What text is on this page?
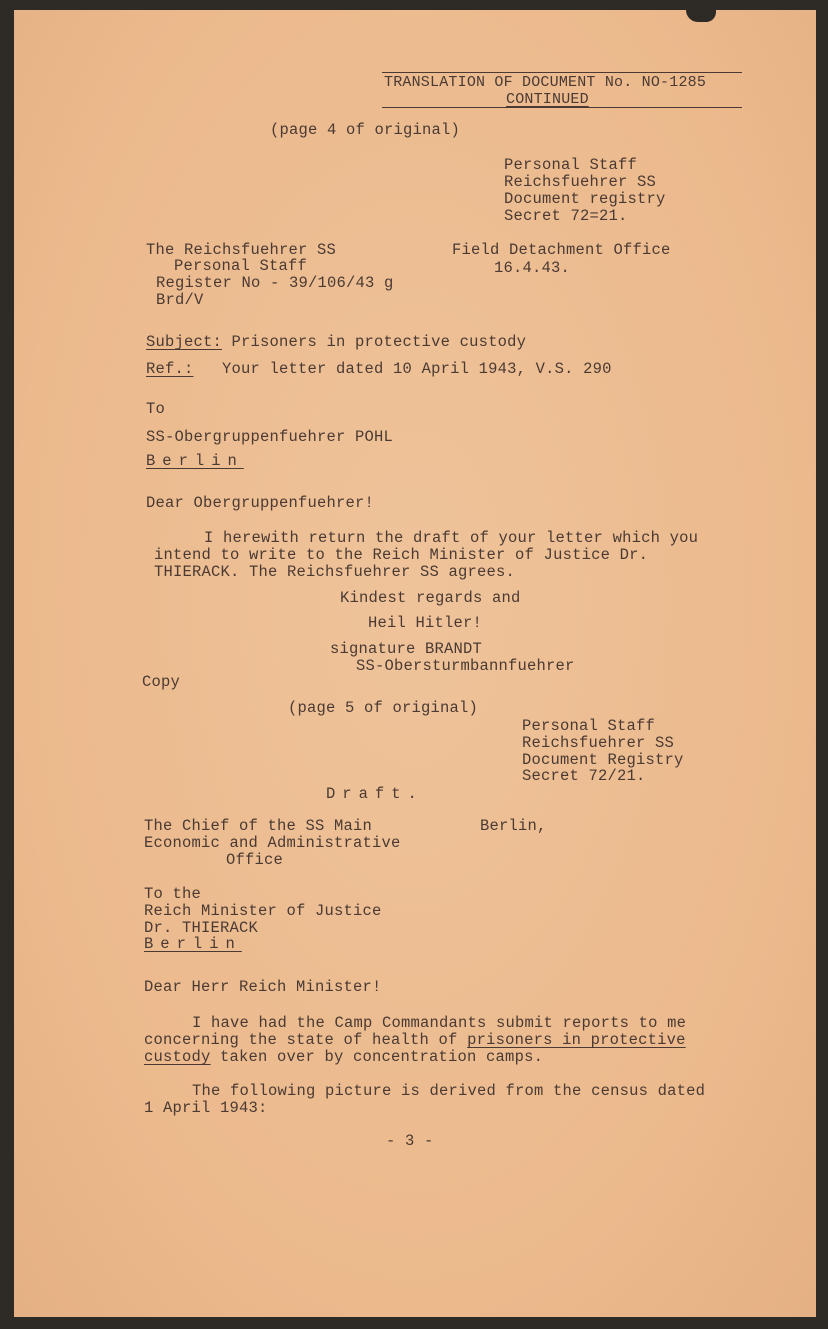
TRANSLATION OF DOCUMENT No. NO-1285

CONTINUED

(page 4 of original)

Personal Staff

Reichsfuehrer SS

Document registry

Secret 72=21.

The Reichsfuehrer SS

Personal Staff

Register No - 39/106/43 g

Brd/V

Field Detachment Office

16.4.43.

Subject: Prisoners in protective custody

Ref.: Your letter dated 10 April 1943, V.S. 290

To

SS-Obergruppenfuehrer POHL

Berlin

Dear Obergruppenfuehrer!

I herewith return the draft of your letter which you

intend to write to the Reich Minister of Justice Dr.

THIERACK. The Reichsfuehrer SS agrees.

Kindest regards and

Heil Hitler!

signature BRANDT

SS-Obersturmbannfuehrer

Copy

(page 5 of original)

Personal Staff

Reichsfuehrer SS

Document Registry

Secret 72/21.

Draft.

The Chief of the SS Main

Economic and Administrative

Office

Berlin,

To the

Reich Minister of Justice

Dr. THIERACK

Berlin

Dear Herr Reich Minister!

I have had the Camp Commandants submit reports to me

concerning the state of health of prisoners in protective

custody taken over by concentration camps.

The following picture is derived from the census dated

1 April 1943:

- 3 -
